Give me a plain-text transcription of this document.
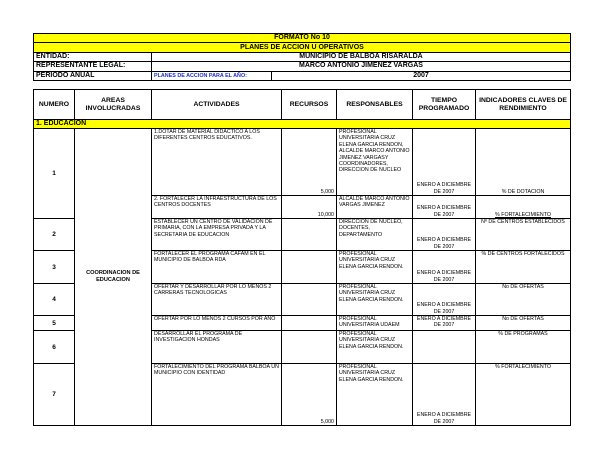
FORMATO No 10		
PLANES DE ACCION U OPERATIVOS		
ENTIDAD:	MUNICIPIO DE BALBOA RISARALDA	
REPRESENTANTE LEGAL:	MARCO ANTONIO JIMENEZ VARGAS	
PERIODO ANUAL	PLANES DE ACCION PARA EL AÑO:	2007
NUMERO	AREAS INVOLUCRADAS	ACTIVIDADES	RECURSOS	RESPONSABLES	TIEMPO PROGRAMADO	INDICADORES CLAVES DE RENDIMIENTO
1. EDUCACION						
1	COORDINACION DE EDUCACION	1.DOTAR DE MATERIAL DIDACTICO A LOS DIFERENTES CENTROS EDUCATIVOS.	5,000	PROFESIONAL UNIVERSITARIA CRUZ ELENA GARCIA RENDON, ALCALDE MARCO ANTONIO JIMENEZ VARGASY COORDINADORES, DIRECCION DE NUCLEO	ENERO A DICIEMBRE DE 2007	% DE DOTACION
		2. FORTALECER LA INFRAESTRUCTURA DE LOS CENTROS DOCENTES	10,000	ALCALDE MARCO ANTONIO VARGAS JIMENEZ	ENERO A DICIEMBRE DE 2007	% FORTALECIMIENTO
2		ESTABLECER UN CENTRO DE VALIDACION DE PRIMARIA, CON LA EMPRESA PRIVADA Y LA SECRETARIA DE EDUCACION		DIRECCION DE NUCLEO, DOCENTES, DEPARTAMENTO	ENERO A DICIEMBRE DE 2007	Nº DE CENTROS ESTABLECIDOS
3		FORTALECER EL PROGRAMA CAFAM EN EL MUNICIPIO DE BALBOA RDA		PROFESIONAL UNIVERSITARIA CRUZ ELENA GARCIA RENDON.	ENERO A DICIEMBRE DE 2007	% DE CENTROS FORTALECIDOS
4		OFERTAR Y DESARROLLAR POR LO MENOS 2 CARRERAS TECNOLOGICAS		PROFESIONAL UNIVERSITARIA CRUZ ELENA GARCIA RENDON.	ENERO A DICIEMBRE DE 2007	No DE OFERTAS
5		OFERTAR POR LO MENOS 2 CURSOS POR AÑO		PROFESIONAL UNIVERSITARIA UDAEM	ENERO A DICIEMBRE DE 2007	No DE OFERTAS
6		DESARROLLAR EL PROGRAMA DE INVESTIGACION HONDAS		PROFESIONAL UNIVERSITARIA CRUZ ELENA GARCIA RENDON.		% DE PROGRAMAS
7		FORTALECIMIENTO DEL PROGRAMA BALBOA UN MUNICIPIO CON IDENTIDAD	5,000	PROFESIONAL UNIVERSITARIA CRUZ ELENA GARCIA RENDON.	ENERO A DICIEMBRE DE 2007	% FORTALECIMIENTO
